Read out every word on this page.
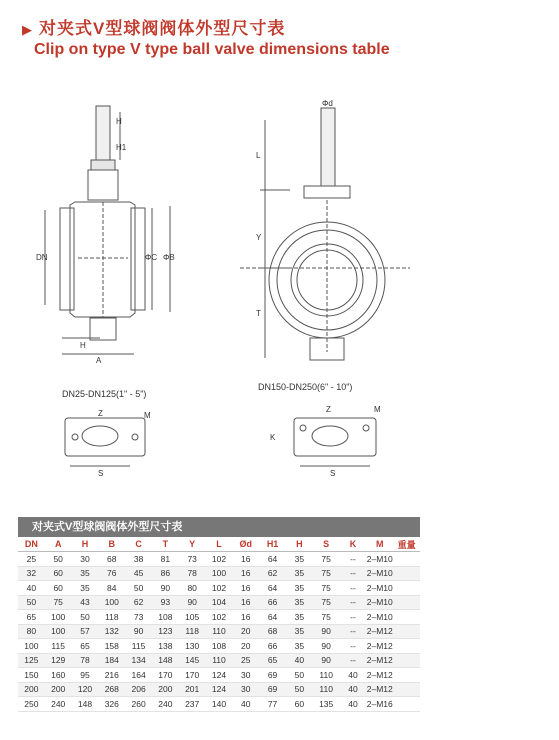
▶ 对夹式V型球阀阀体外型尺寸表
Clip on type V type ball valve dimensions table
H1
H
DN	ΦC ΦB
H
A
Φd
L
Y
T
Z	M
S
Z	M
K
S
DN25-DN125(1" - 5")
DN150-DN250(6" - 10")
对夹式V型球阀阀体外型尺寸表
DN	A	H	B	C	T	Y	L	Ød	H1	H	S	K	M	重量
25	50	30	68	38	81	73	102	16	64	35	75	--	2–M10	
32	60	35	76	45	86	78	100	16	62	35	75	--	2–M10	
40	60	35	84	50	90	80	102	16	64	35	75	--	2–M10	
50	75	43	100	62	93	90	104	16	66	35	75	--	2–M10	
65	100	50	118	73	108	105	102	16	64	35	75	--	2–M10	
80	100	57	132	90	123	118	110	20	68	35	90	--	2–M12	
100	115	65	158	115	138	130	108	20	66	35	90	--	2–M12	
125	129	78	184	134	148	145	110	25	65	40	90	--	2–M12	
150	160	95	216	164	170	170	124	30	69	50	110	40	2–M12	
200	200	120	268	206	200	201	124	30	69	50	110	40	2–M12	
250	240	148	326	260	240	237	140	40	77	60	135	40	2–M16	
